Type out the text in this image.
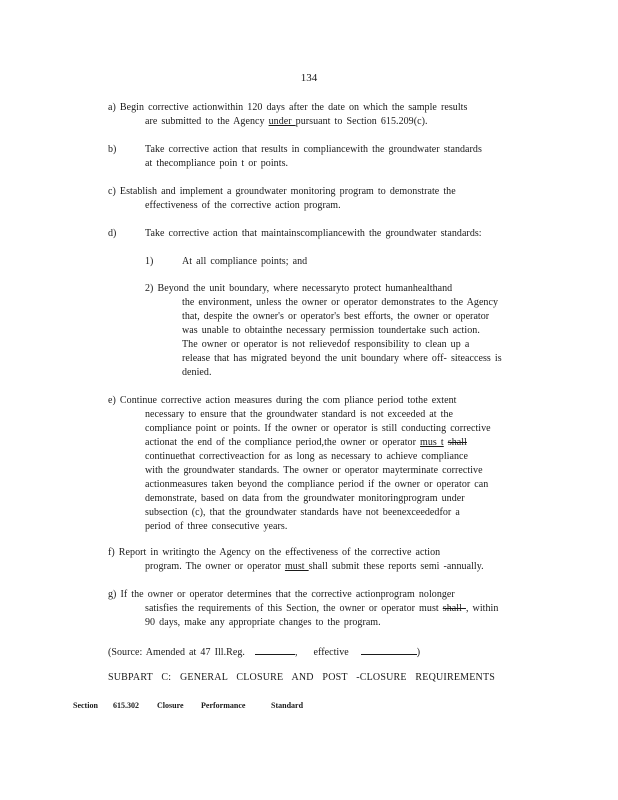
134
a) Begin corrective actionwithin 120 days after the date on which the sample results
are submitted to the Agency under pursuant to Section 615.209(c).
b)	Take corrective action that results in compliancewith the groundwater standards
at thecompliance poin t or points.
c) Establish and implement a groundwater monitoring program to demonstrate the
effectiveness of the corrective action program.
d)	Take corrective action that maintainscompliancewith the groundwater standards:
1)	At all compliance points; and
2) Beyond the unit boundary, where necessaryto protect humanhealthand
the environment, unless the owner or operator demonstrates to the Agency
that, despite the owner's or operator's best efforts, the owner or operator
was unable to obtainthe necessary permission toundertake such action.
The owner or operator is not relievedof responsibility to clean up a
release that has migrated beyond the unit boundary where off- siteaccess is
denied.
e) Continue corrective action measures during the com pliance period tothe extent
necessary to ensure that the groundwater standard is not exceeded at the
compliance point or points. If the owner or operator is still conducting corrective
actionat the end of the compliance period,the owner or operator mus t shall
continuethat correctiveaction for as long as necessary to achieve compliance
with the groundwater standards. The owner or operator mayterminate corrective
actionmeasures taken beyond the compliance period if the owner or operator can
demonstrate, based on data from the groundwater monitoringprogram under
subsection (c), that the groundwater standards have not beenexceededfor a
period of three consecutive years.
f) Report in writingto the Agency on the effectiveness of the corrective action
program. The owner or operator must shall submit these reports semi -annually.
g) If the owner or operator determines that the corrective actionprogram nolonger
satisfies the requirements of this Section, the owner or operator must shall , within
90 days, make any appropriate changes to the program.
(Source: Amended at 47 Ill.Reg.	, effective	)
SUBPART C: GENERAL CLOSURE AND POST -CLOSURE REQUIREMENTS
Section 615.302 Closure Performance	Standard
